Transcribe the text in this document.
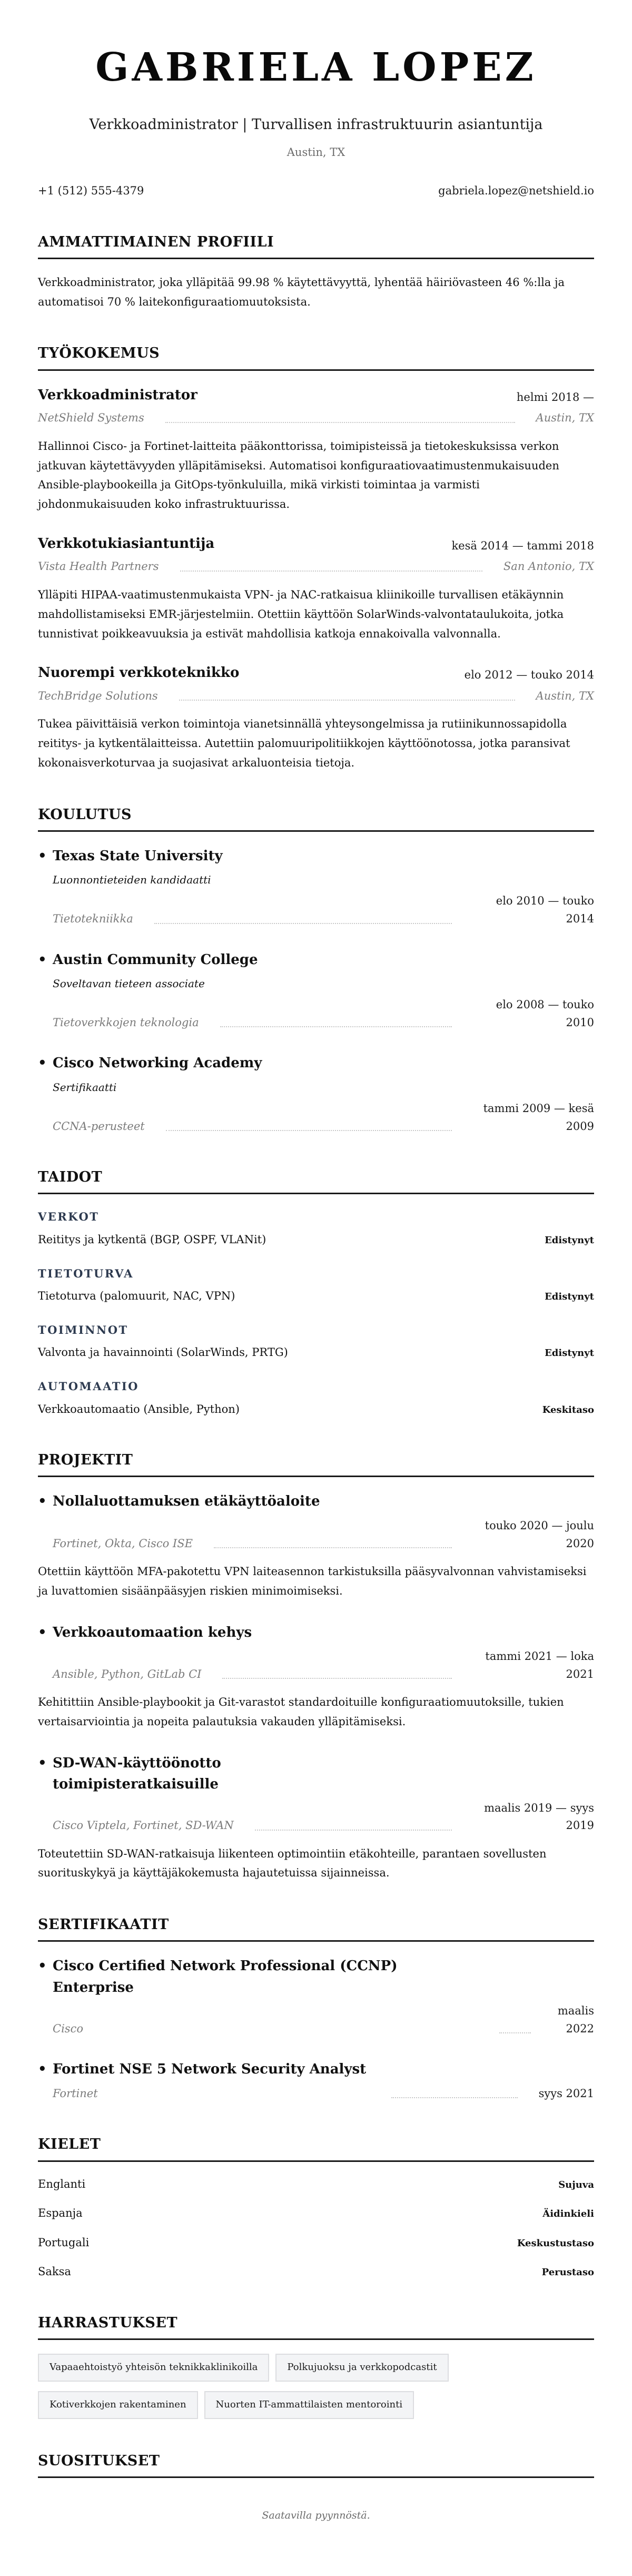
GABRIELA LOPEZ
Verkkoadministrator | Turvallisen infrastruktuurin asiantuntija
Austin, TX
+1 (512) 555-4379	gabriela.lopez@netshield.io
AMMATTIMAINEN PROFIILI

Verkkoadministrator, joka ylläpitää 99.98 % käytettävyyttä, lyhentää häiriövasteen 46 %:lla ja automatisoi 70 % laitekonfiguraatiomuutoksista.

TYÖKOKEMUS
Verkkoadministrator	helmi 2018 —
NetShield Systems	Austin, TX

Hallinnoi Cisco- ja Fortinet-laitteita pääkonttorissa, toimipisteissä ja tietokeskuksissa verkon jatkuvan käytettävyyden ylläpitämiseksi. Automatisoi konfiguraatiovaatimustenmukaisuuden Ansible-playbookeilla ja GitOps-työnkuluilla, mikä virkisti toimintaa ja varmisti johdonmukaisuuden koko infrastruktuurissa.

Verkkotukiasiantuntija	kesä 2014 — tammi 2018
Vista Health Partners	San Antonio, TX

Ylläpiti HIPAA-vaatimustenmukaista VPN- ja NAC-ratkaisua kliinikoille turvallisen etäkäynnin mahdollistamiseksi EMR-järjestelmiin. Otettiin käyttöön SolarWinds-valvontataulukoita, jotka tunnistivat poikkeavuuksia ja estivät mahdollisia katkoja ennakoivalla valvonnalla.

Nuorempi verkkoteknikko	elo 2012 — touko 2014
TechBridge Solutions	Austin, TX

Tukea päivittäisiä verkon toimintoja vianetsinnällä yhteysongelmissa ja rutiinikunnossapidolla reititys- ja kytkentälaitteissa. Autettiin palomuuripolitiikkojen käyttöönotossa, jotka paransivat kokonaisverkoturvaa ja suojasivat arkaluonteisia tietoja.

KOULUTUS
• Texas State University
Luonnontieteiden kandidaatti
Tietotekniikka
elo 2010 — touko 2014
• Austin Community College
Soveltavan tieteen associate
Tietoverkkojen teknologia
elo 2008 — touko 2010
• Cisco Networking Academy
Sertifikaatti
CCNA-perusteet
tammi 2009 — kesä 2009
TAIDOT
VERKOT
Reititys ja kytkentä (BGP, OSPF, VLANit)	Edistynyt
TIETOTURVA
Tietoturva (palomuurit, NAC, VPN)	Edistynyt
TOIMINNOT
Valvonta ja havainnointi (SolarWinds, PRTG)	Edistynyt
AUTOMAATIO
Verkkoautomaatio (Ansible, Python)	Keskitaso
PROJEKTIT
• Nollaluottamuksen etäkäyttöaloite
Fortinet, Okta, Cisco ISE
touko 2020 — joulu 2020

Otettiin käyttöön MFA-pakotettu VPN laiteasennon tarkistuksilla pääsyvalvonnan vahvistamiseksi ja luvattomien sisäänpääsyjen riskien minimoimiseksi.

• Verkkoautomaation kehys
Ansible, Python, GitLab CI
tammi 2021 — loka 2021

Kehitittiin Ansible-playbookit ja Git-varastot standardoituille konfiguraatiomuutoksille, tukien vertaisarviointia ja nopeita palautuksia vakauden ylläpitämiseksi.

• SD-WAN-käyttöönotto toimipisteratkaisuille
Cisco Viptela, Fortinet, SD-WAN
maalis 2019 — syys 2019

Toteutettiin SD-WAN-ratkaisuja liikenteen optimointiin etäkohteille, parantaen sovellusten suorituskykyä ja käyttäjäkokemusta hajautetuissa sijainneissa.

SERTIFIKAATIT
• Cisco Certified Network Professional (CCNP) Enterprise
Cisco
maalis 2022
• Fortinet NSE 5 Network Security Analyst
Fortinet	syys 2021
KIELET
Englanti	Sujuva
Espanja	Äidinkieli
Portugali	Keskustustaso
Saksa	Perustaso
HARRASTUKSET
Vapaaehtoistyö yhteisön teknikkaklinikoilla	Polkujuoksu ja verkkopodcastit
Kotiverkkojen rakentaminen	Nuorten IT-ammattilaisten mentorointi
SUOSITUKSET

Saatavilla pyynnöstä.
